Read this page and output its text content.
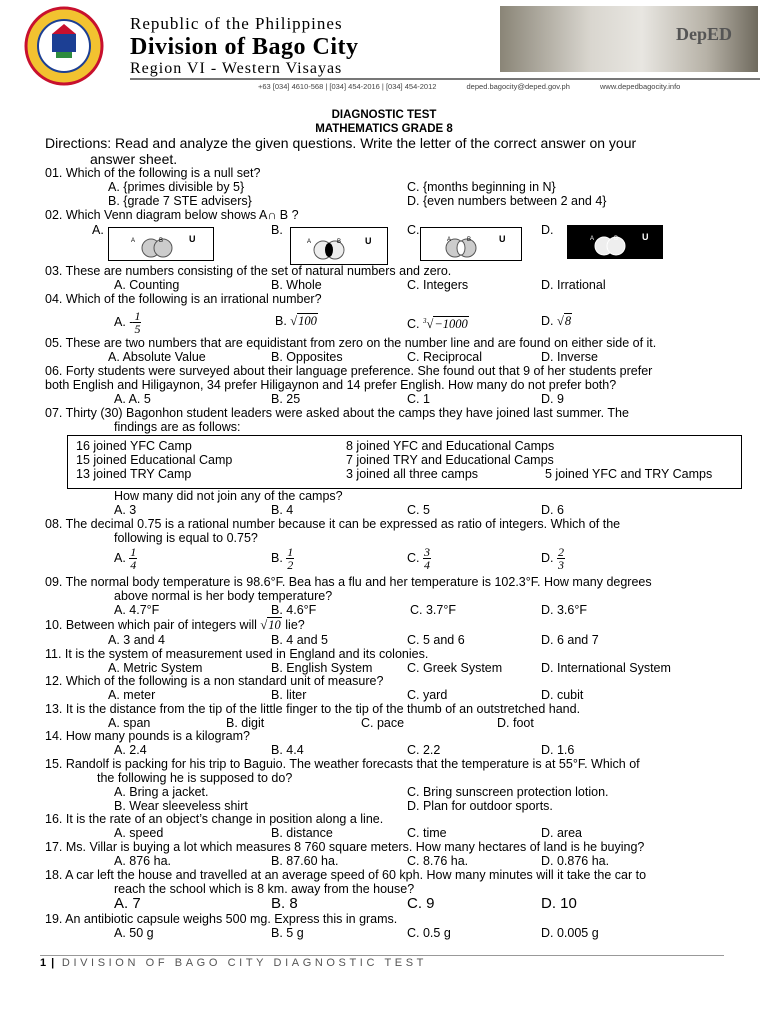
Republic of the Philippines
Division of Bago City
Region VI - Western Visayas
DepED
+63 [034] 4610-568 | [034] 454-2016 | [034] 454-2012	deped.bagocity@deped.gov.ph	www.depedbagocity.info
DIAGNOSTIC TEST
MATHEMATICS GRADE 8
Directions: Read and analyze the given questions. Write the letter of the correct answer on your
answer sheet.
01. Which of the following is a null set?
A. {primes divisible by 5}	C. {months beginning in N}
B. {grade 7 STE advisers}	D. {even numbers between 2 and 4}
02. Which Venn diagram below shows A∩ B ?
A.
A	B	U
B.
A	B	U
C.
A	B	U
D.
A	B	U
03. These are numbers consisting of the set of natural numbers and zero.
A. Counting	B. Whole	C. Integers	D. Irrational
04. Which of the following is an irrational number?
A. - $\frac{1}{5}$	B. √100	C. $^3$√−1000	D. √8
05. These are two numbers that are equidistant from zero on the number line and are found on either side of it.
A. Absolute Value	B. Opposites	C. Reciprocal	D. Inverse
06. Forty students were surveyed about their language preference. She found out that 9 of her students prefer
both English and Hiligaynon, 34 prefer Hiligaynon and 14 prefer English. How many do not prefer both?
A. A. 5	B. 25	C. 1	D. 9
07. Thirty (30) Bagonhon student leaders were asked about the camps they have joined last summer. The
findings are as follows:
16 joined YFC Camp	8 joined YFC and Educational Camps
15 joined Educational Camp	7 joined TRY and Educational Camps
13 joined TRY Camp	3 joined all three camps	5 joined YFC and TRY Camps
How many did not join any of the camps?
A. 3	B. 4	C. 5	D. 6
08. The decimal 0.75 is a rational number because it can be expressed as ratio of integers. Which of the
following is equal to 0.75?
A. $\frac{1}{4}$	B. $\frac{1}{2}$	C. $\frac{3}{4}$	D. $\frac{2}{3}$
09. The normal body temperature is 98.6°F. Bea has a flu and her temperature is 102.3°F. How many degrees
above normal is her body temperature?
A. 4.7°F	B. 4.6°F	C. 3.7°F	D. 3.6°F
10. Between which pair of integers will √10 lie?
A. 3 and 4	B. 4 and 5	C. 5 and 6	D. 6 and 7
11. It is the system of measurement used in England and its colonies.
A. Metric System	B. English System	C. Greek System	D. International System
12. Which of the following is a non standard unit of measure?
A. meter	B. liter	C. yard	D. cubit
13. It is the distance from the tip of the little finger to the tip of the thumb of an outstretched hand.
A. span	B. digit	C. pace	D. foot
14. How many pounds is a kilogram?
A. 2.4	B. 4.4	C. 2.2	D. 1.6
15. Randolf is packing for his trip to Baguio. The weather forecasts that the temperature is at 55°F. Which of
the following he is supposed to do?
A. Bring a jacket.	C. Bring sunscreen protection lotion.
B. Wear sleeveless shirt	D. Plan for outdoor sports.
16. It is the rate of an object’s change in position along a line.
A. speed	B. distance	C. time	D. area
17. Ms. Villar is buying a lot which measures 8 760 square meters. How many hectares of land is he buying?
A. 876 ha.	B. 87.60 ha.	C. 8.76 ha.	D. 0.876 ha.
18. A car left the house and travelled at an average speed of 60 kph. How many minutes will it take the car to
reach the school which is 8 km. away from the house?
A. 7	B. 8	C. 9	D. 10
19. An antibiotic capsule weighs 500 mg. Express this in grams.
A. 50 g	B. 5 g	C. 0.5 g	D. 0.005 g
1 | DIVISION OF BAGO CITY DIAGNOSTIC TEST
